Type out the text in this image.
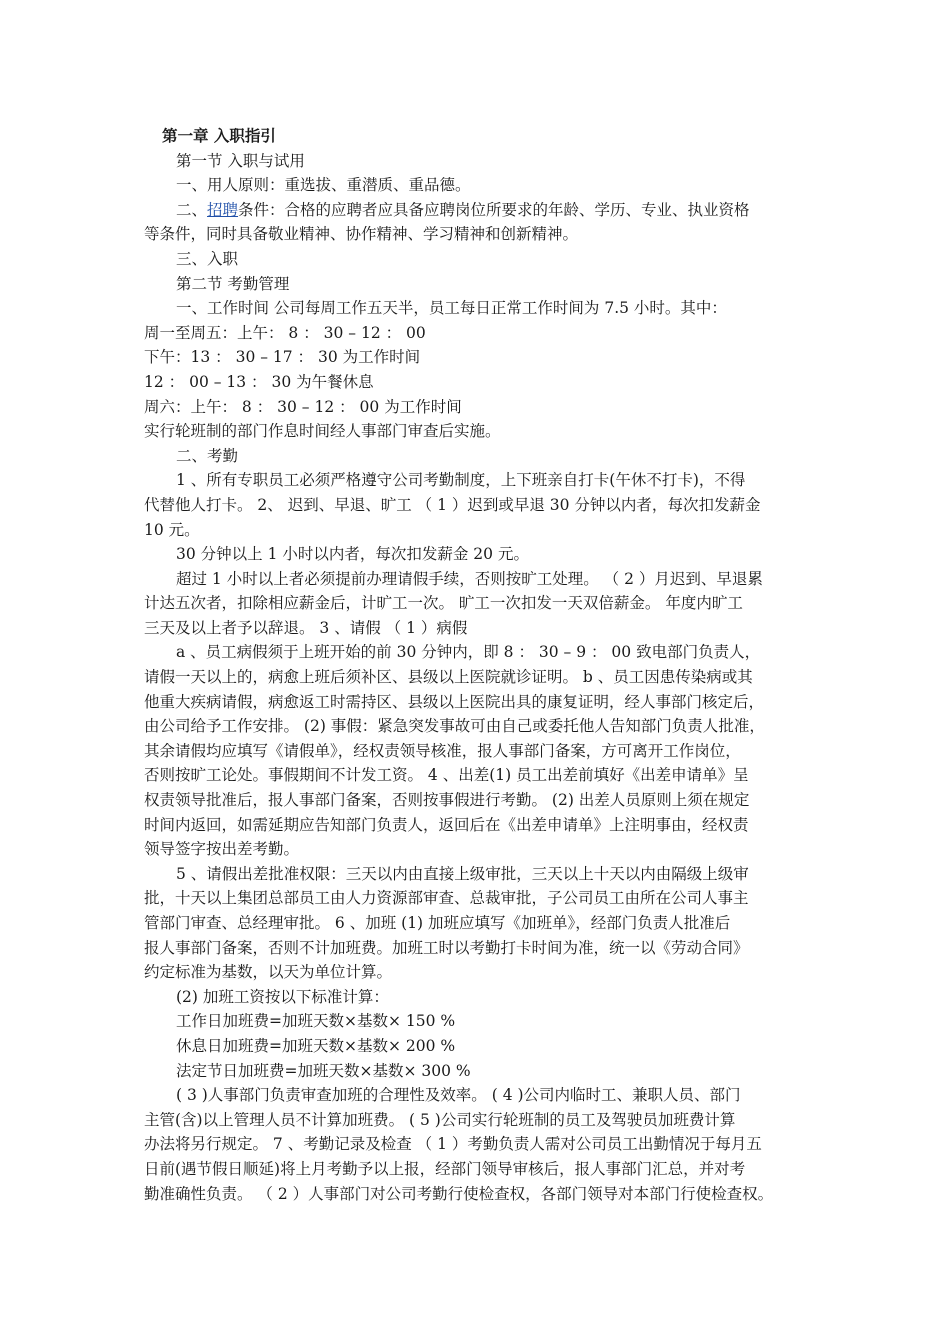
第一章 入职指引
第一节 入职与试用
一、用人原则：重选拔、重潜质、重品德。
二、招聘条件：合格的应聘者应具备应聘岗位所要求的年龄、学历、专业、执业资格
等条件，同时具备敬业精神、协作精神、学习精神和创新精神。
三、入职
第二节 考勤管理
一、工作时间 公司每周工作五天半，员工每日正常工作时间为 7.5 小时。其中：
周一至周五：上午： 8 ： 30 – 12 ： 00
下午：13 ： 30 – 17 ： 30 为工作时间
12 ： 00 – 13 ： 30 为午餐休息
周六：上午： 8 ： 30 – 12 ： 00 为工作时间
实行轮班制的部门作息时间经人事部门审查后实施。
二、考勤
1 、所有专职员工必须严格遵守公司考勤制度，上下班亲自打卡(午休不打卡)，不得
代替他人打卡。 2、 迟到、早退、旷工 （ 1 ）迟到或早退 30 分钟以内者，每次扣发薪金
10 元。
30 分钟以上 1 小时以内者，每次扣发薪金 20 元。
超过 1 小时以上者必须提前办理请假手续，否则按旷工处理。 （ 2 ）月迟到、早退累
计达五次者，扣除相应薪金后，计旷工一次。 旷工一次扣发一天双倍薪金。 年度内旷工
三天及以上者予以辞退。 3 、请假 （ 1 ）病假
a 、员工病假须于上班开始的前 30 分钟内，即 8 ： 30 – 9 ： 00 致电部门负责人，
请假一天以上的，病愈上班后须补区、县级以上医院就诊证明。 b 、员工因患传染病或其
他重大疾病请假，病愈返工时需持区、县级以上医院出具的康复证明，经人事部门核定后，
由公司给予工作安排。 (2) 事假：紧急突发事故可由自己或委托他人告知部门负责人批准，
其余请假均应填写《请假单》，经权责领导核准，报人事部门备案，方可离开工作岗位，
否则按旷工论处。事假期间不计发工资。 4 、出差(1) 员工出差前填好《出差申请单》呈
权责领导批准后，报人事部门备案，否则按事假进行考勤。 (2) 出差人员原则上须在规定
时间内返回，如需延期应告知部门负责人，返回后在《出差申请单》上注明事由，经权责
领导签字按出差考勤。
5 、请假出差批准权限：三天以内由直接上级审批，三天以上十天以内由隔级上级审
批，十天以上集团总部员工由人力资源部审查、总裁审批，子公司员工由所在公司人事主
管部门审查、总经理审批。 6 、加班 (1) 加班应填写《加班单》，经部门负责人批准后
报人事部门备案，否则不计加班费。加班工时以考勤打卡时间为准，统一以《劳动合同》
约定标准为基数，以天为单位计算。
(2) 加班工资按以下标准计算：
工作日加班费=加班天数×基数× 150 %
休息日加班费=加班天数×基数× 200 %
法定节日加班费=加班天数×基数× 300 %
( 3 )人事部门负责审查加班的合理性及效率。 ( 4 )公司内临时工、兼职人员、部门
主管(含)以上管理人员不计算加班费。 ( 5 )公司实行轮班制的员工及驾驶员加班费计算
办法将另行规定。 7 、考勤记录及检查 （ 1 ）考勤负责人需对公司员工出勤情况于每月五
日前(遇节假日顺延)将上月考勤予以上报，经部门领导审核后，报人事部门汇总，并对考
勤准确性负责。 （ 2 ）人事部门对公司考勤行使检查权，各部门领导对本部门行使检查权。
